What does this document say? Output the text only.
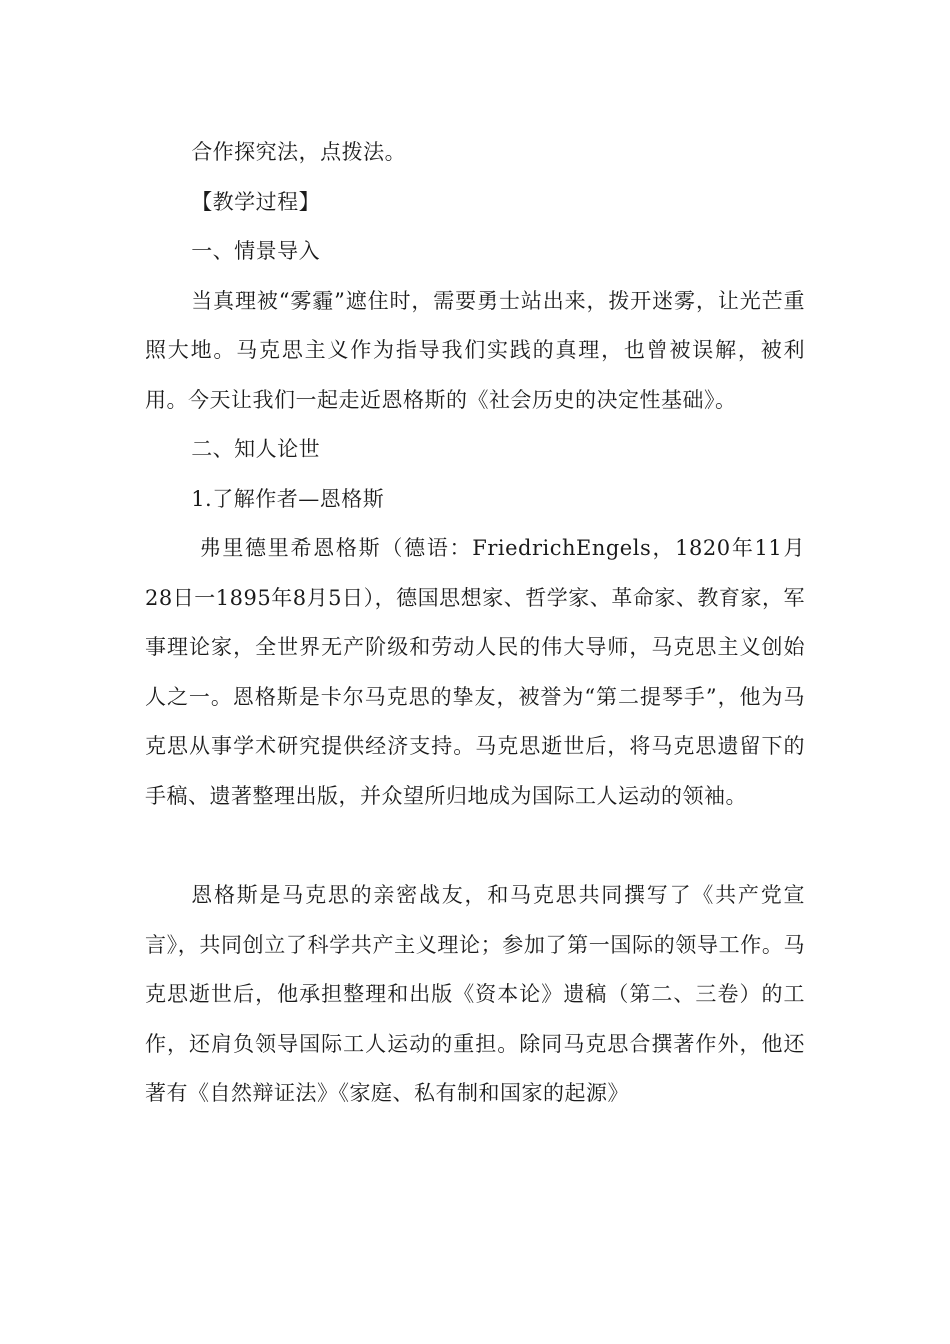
合作探究法，点拨法。

【教学过程】

一、情景导入

当真理被“雾霾”遮住时，需要勇士站出来，拨开迷雾，让光芒重照大地。马克思主义作为指导我们实践的真理，也曾被误解，被利用。今天让我们一起走近恩格斯的《社会历史的决定性基础》。

二、知人论世

1.了解作者—恩格斯

弗里德里希恩格斯（德语：FriedrichEngels，1820年11月28日一1895年8月5日），德国思想家、哲学家、革命家、教育家，军事理论家，全世界无产阶级和劳动人民的伟大导师，马克思主义创始人之一。恩格斯是卡尔马克思的挚友，被誉为“第二提琴手”，他为马克思从事学术研究提供经济支持。马克思逝世后，将马克思遗留下的手稿、遗著整理出版，并众望所归地成为国际工人运动的领袖。

恩格斯是马克思的亲密战友，和马克思共同撰写了《共产党宣言》，共同创立了科学共产主义理论；参加了第一国际的领导工作。马克思逝世后，他承担整理和出版《资本论》遗稿（第二、三卷）的工作，还肩负领导国际工人运动的重担。除同马克思合撰著作外，他还著有《自然辩证法》《家庭、私有制和国家的起源》
